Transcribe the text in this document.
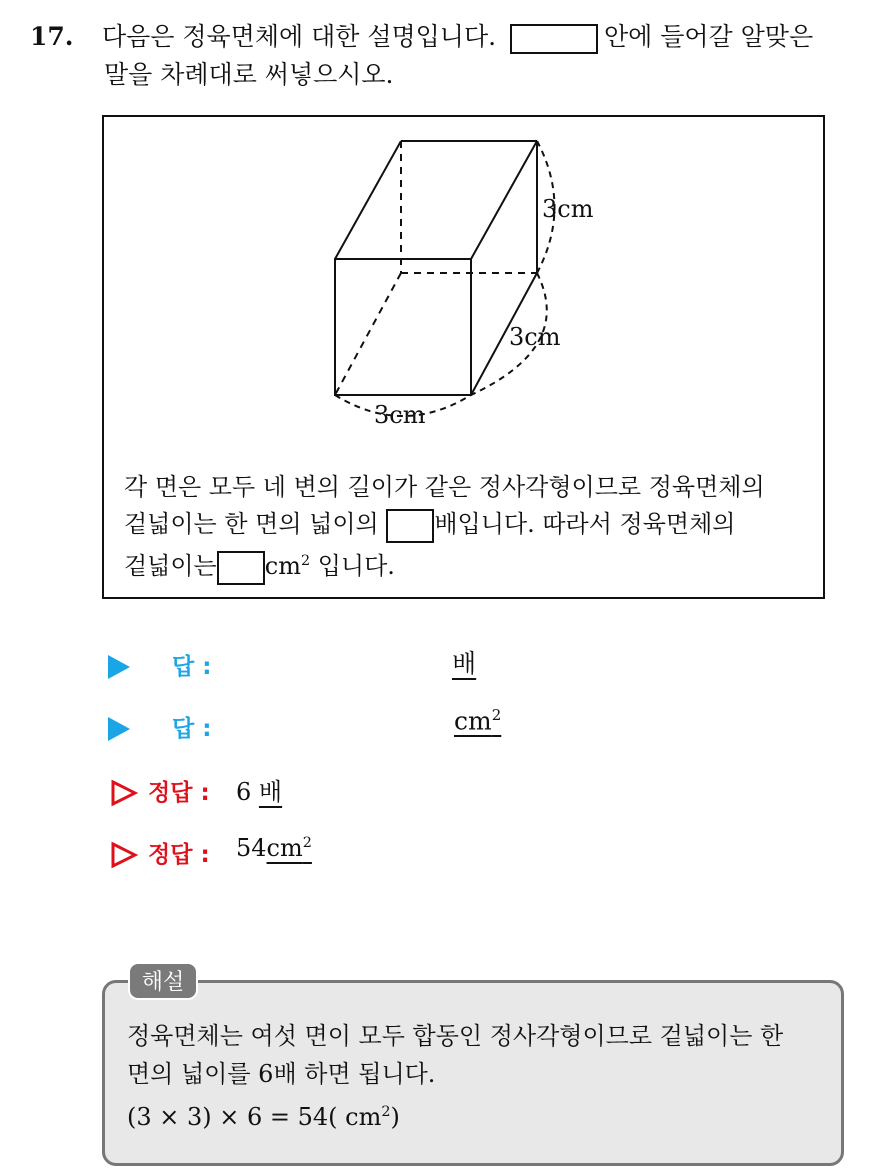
17. 다음은 정육면체에 대한 설명입니다.	안에 들어갈 알맞은
말을 차례대로 써넣으시오.
3cm
3cm
3cm
각 면은 모두 네 변의 길이가 같은 정사각형이므로 정육면체의
겉넓이는 한 면의 넓이의 배입니다. 따라서 정육면체의
겉넓이는 $cm^2$ 입니다.
답 :	배
답 :	$cm^2$
정답 : 6 배
정답 : $54cm^2$
해설
정육면체는 여섯 면이 모두 합동인 정사각형이므로 겉넓이는 한
면의 넓이를 6배 하면 됩니다.
(3 × 3) × 6 = 54( $cm^2$)
